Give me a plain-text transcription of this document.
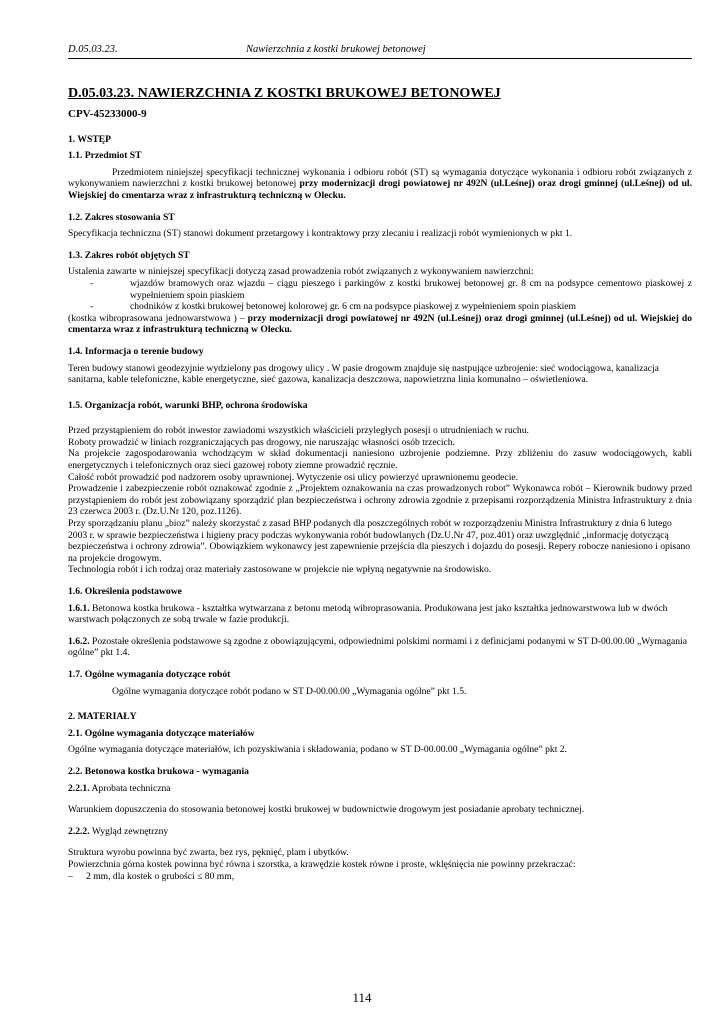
D.05.03.23.	Nawierzchnia z kostki brukowej betonowej
D.05.03.23. NAWIERZCHNIA Z KOSTKI BRUKOWEJ BETONOWEJ
CPV-45233000-9
1. WSTĘP
1.1. Przedmiot ST

Przedmiotem niniejszej specyfikacji technicznej wykonania i odbioru robót (ST) są wymagania dotyczące wykonania i odbioru robót związanych z wykonywaniem nawierzchni z kostki brukowej betonowej przy modernizacji drogi powiatowej nr 492N (ul.Leśnej) oraz drogi gminnej (ul.Leśnej) od ul. Wiejskiej do cmentarza wraz z infrastrukturą techniczną w Olecku.

1.2. Zakres stosowania ST

Specyfikacja techniczna (ST) stanowi dokument przetargowy i kontraktowy przy zlecaniu i realizacji robót wymienionych w pkt 1.

1.3. Zakres robót objętych ST

Ustalenia zawarte w niniejszej specyfikacji dotyczą zasad prowadzenia robót związanych z wykonywaniem nawierzchni:

-	wjazdów bramowych oraz wjazdu – ciągu pieszego i parkingów z kostki brukowej betonowej gr. 8 cm na podsypce cementowo piaskowej z wypełnieniem spoin piaskiem
-	chodników z kostki brukowej betonowej kolorowej gr. 6 cm na podsypce piaskowej z wypełnieniem spoin piaskiem

(kostka wibroprasowana jednowarstwowa ) – przy modernizacji drogi powiatowej nr 492N (ul.Leśnej) oraz drogi gminnej (ul.Leśnej) od ul. Wiejskiej do cmentarza wraz z infrastrukturą techniczną w Olecku.

1.4. Informacja o terenie budowy

Teren budowy stanowi geodezyjnie wydzielony pas drogowy ulicy . W pasie drogowm znajduje się nastpujące uzbrojenie: sieć wodociągowa, kanalizacja sanitarna, kable telefoniczne, kable energetyczne, sieć gazowa, kanalizacja deszczowa, napowietrzna linia komunalno – oświetleniowa.

1.5. Organizacja robót, warunki BHP, ochrona środowiska

Przed przystąpieniem do robót inwestor zawiadomi wszystkich właścicieli przyległych posesji o utrudnieniach w ruchu.

Roboty prowadzić w liniach rozgraniczających pas drogowy, nie naruszając własności osób trzecich.

Na projekcie zagospodarowania wchodzącym w skład dokumentacji naniesiono uzbrojenie podziemne. Przy zbliżeniu do zasuw wodociągowych, kabli energetycznych i telefonicznych oraz sieci gazowej roboty ziemne prowadzić ręcznie.

Całość robót prowadzić pod nadzorem osoby uprawnionej. Wytyczenie osi ulicy powierzyć uprawnionemu geodecie.

Prowadzenie i zabezpieczenie robót oznakować zgodnie z „Projektem oznakowania na czas prowadzonych robot” Wykonawca robót – Kierownik budowy przed przystąpieniem do robót jest zobowiązany sporządzić plan bezpieczeństwa i ochrony zdrowia zgodnie z przepisami rozporządzenia Ministra Infrastruktury z dnia 23 czerwca 2003 r. (Dz.U.Nr 120, poz.1126).

Przy sporządzaniu planu „bioz” należy skorzystać z zasad BHP podanych dla poszczególnych robót w rozporządzeniu Ministra Infrastruktury z dnia 6 lutego 2003 r. w sprawie bezpieczeństwa i higieny pracy podczas wykonywania robót budowlanych (Dz.U.Nr 47, poz.401) oraz uwzględnić „informację dotyczącą bezpieczeństwa i ochrony zdrowia”. Obowiązkiem wykonawcy jest zapewnienie przejścia dla pieszych i dojazdu do posesji. Repery robocze naniesiono i opisano na projekcie drogowym.

Technologia robót i ich rodzaj oraz materiały zastosowane w projekcie nie wpłyną negatywnie na środowisko.

1.6. Określenia podstawowe

1.6.1. Betonowa kostka brukowa - kształtka wytwarzana z betonu metodą wibroprasowania. Produkowana jest jako kształtka jednowarstwowa lub w dwóch warstwach połączonych ze sobą trwale w fazie produkcji.

1.6.2. Pozostałe określenia podstawowe są zgodne z obowiązującymi, odpowiednimi polskimi normami i z definicjami podanymi w ST D-00.00.00 „Wymagania ogólne” pkt 1.4.

1.7. Ogólne wymagania dotyczące robót

Ogólne wymagania dotyczące robót podano w ST D-00.00.00 „Wymagania ogólne” pkt 1.5.

2. MATERIAŁY
2.1. Ogólne wymagania dotyczące materiałów

Ogólne wymagania dotyczące materiałów, ich pozyskiwania i składowania, podano w ST D-00.00.00 „Wymagania ogólne” pkt 2.

2.2. Betonowa kostka brukowa - wymagania

2.2.1. Aprobata techniczna

Warunkiem dopuszczenia do stosowania betonowej kostki brukowej w budownictwie drogowym jest posiadanie aprobaty technicznej.

2.2.2. Wygląd zewnętrzny

Struktura wyrobu powinna być zwarta, bez rys, pęknięć, plam i ubytków.

Powierzchnia górna kostek powinna być równa i szorstka, a krawędzie kostek równe i proste, wklęśnięcia nie powinny przekraczać:

– 2 mm, dla kostek o grubości ≤ 80 mm,
114
